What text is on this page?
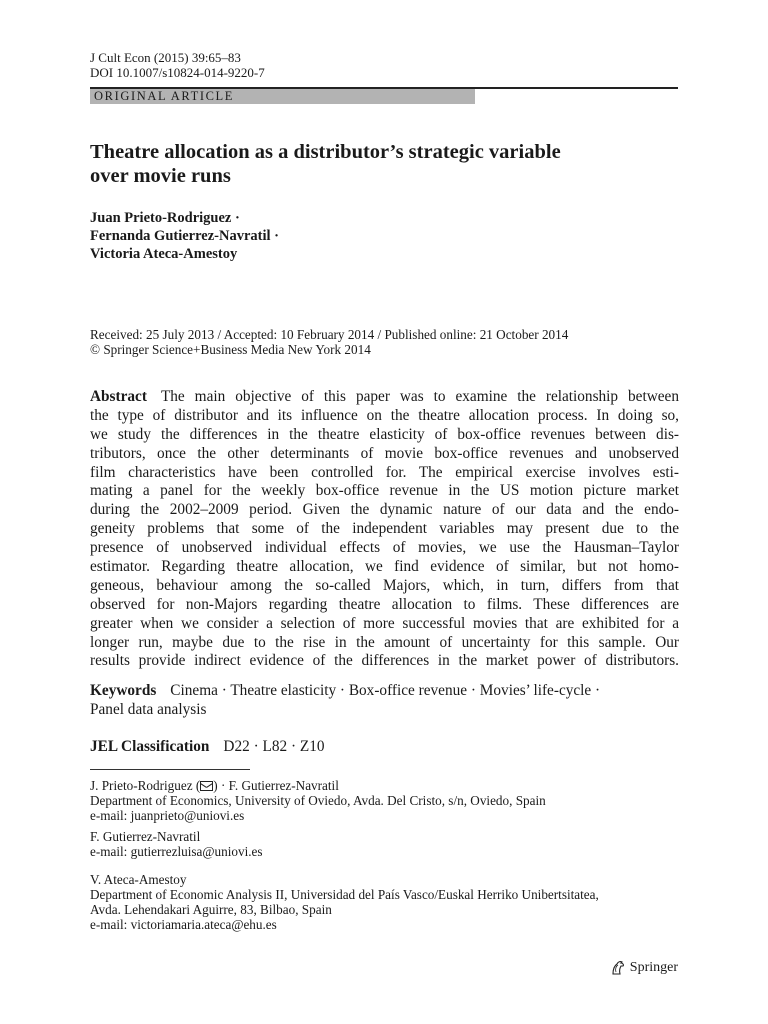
J Cult Econ (2015) 39:65–83
DOI 10.1007/s10824-014-9220-7
ORIGINAL ARTICLE
Theatre allocation as a distributor’s strategic variable
over movie runs
Juan Prieto-Rodriguez ·
Fernanda Gutierrez-Navratil ·
Victoria Ateca-Amestoy
Received: 25 July 2013 / Accepted: 10 February 2014 / Published online: 21 October 2014
© Springer Science+Business Media New York 2014
Abstract The main objective of this paper was to examine the relationship between
the type of distributor and its influence on the theatre allocation process. In doing so,
we study the differences in the theatre elasticity of box-office revenues between dis-
tributors, once the other determinants of movie box-office revenues and unobserved
film characteristics have been controlled for. The empirical exercise involves esti-
mating a panel for the weekly box-office revenue in the US motion picture market
during the 2002–2009 period. Given the dynamic nature of our data and the endo-
geneity problems that some of the independent variables may present due to the
presence of unobserved individual effects of movies, we use the Hausman–Taylor
estimator. Regarding theatre allocation, we find evidence of similar, but not homo-
geneous, behaviour among the so-called Majors, which, in turn, differs from that
observed for non-Majors regarding theatre allocation to films. These differences are
greater when we consider a selection of more successful movies that are exhibited for a
longer run, maybe due to the rise in the amount of uncertainty for this sample. Our
results provide indirect evidence of the differences in the market power of distributors.
Keywords Cinema · Theatre elasticity · Box-office revenue · Movies’ life-cycle ·
Panel data analysis
JEL Classification D22 · L82 · Z10
J. Prieto-Rodriguez ( ) · F. Gutierrez-Navratil
Department of Economics, University of Oviedo, Avda. Del Cristo, s/n, Oviedo, Spain
e-mail: juanprieto@uniovi.es
F. Gutierrez-Navratil
e-mail: gutierrezluisa@uniovi.es
V. Ateca-Amestoy
Department of Economic Analysis II, Universidad del País Vasco/Euskal Herriko Unibertsitatea,
Avda. Lehendakari Aguirre, 83, Bilbao, Spain
e-mail: victoriamaria.ateca@ehu.es
Springer
